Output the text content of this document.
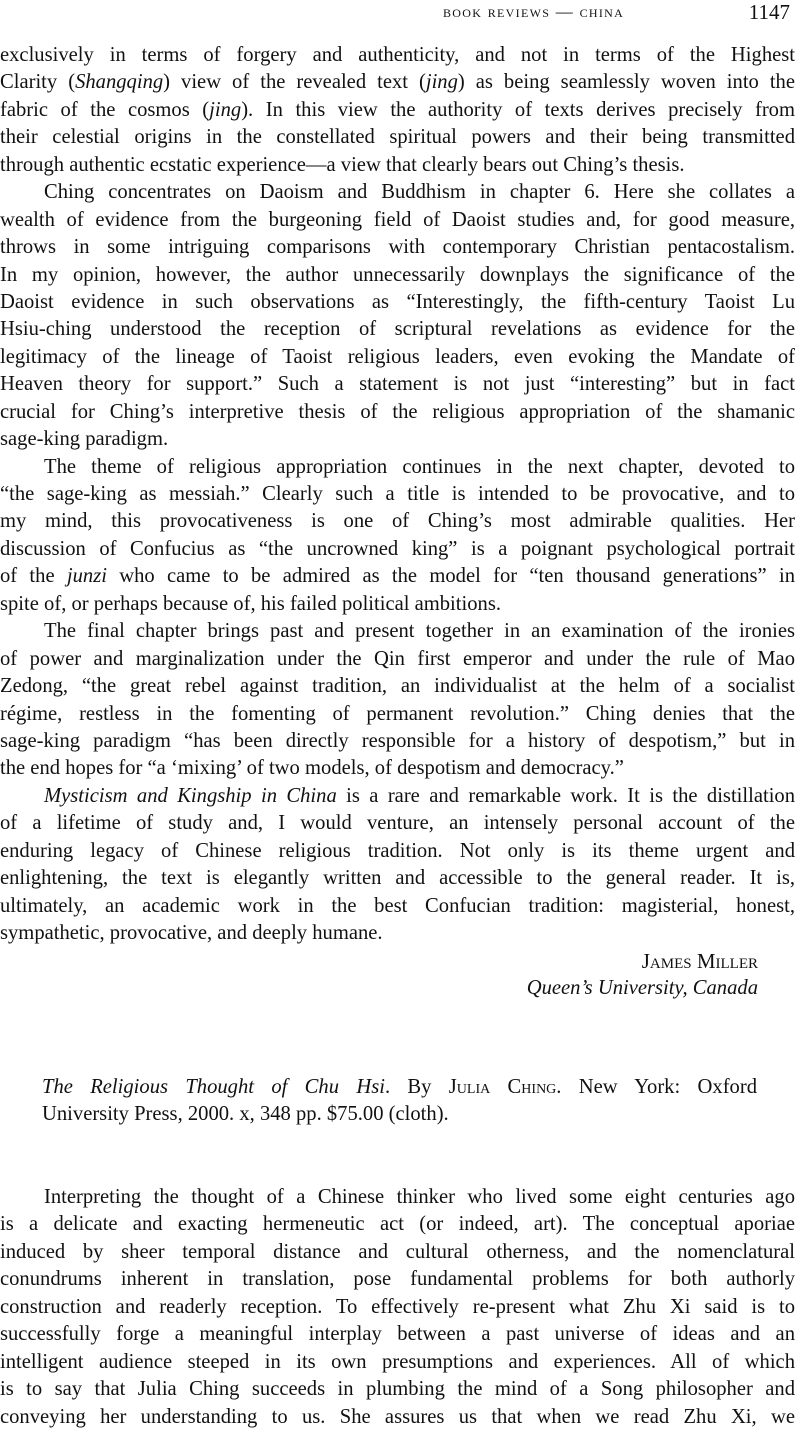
book reviews — china	1147
exclusively in terms of forgery and authenticity, and not in terms of the Highest
Clarity (Shangqing) view of the revealed text (jing) as being seamlessly woven into the
fabric of the cosmos (jing). In this view the authority of texts derives precisely from
their celestial origins in the constellated spiritual powers and their being transmitted
through authentic ecstatic experience—a view that clearly bears out Ching’s thesis.
Ching concentrates on Daoism and Buddhism in chapter 6. Here she collates a
wealth of evidence from the burgeoning field of Daoist studies and, for good measure,
throws in some intriguing comparisons with contemporary Christian pentacostalism.
In my opinion, however, the author unnecessarily downplays the significance of the
Daoist evidence in such observations as “Interestingly, the fifth-century Taoist Lu
Hsiu-ching understood the reception of scriptural revelations as evidence for the
legitimacy of the lineage of Taoist religious leaders, even evoking the Mandate of
Heaven theory for support.” Such a statement is not just “interesting” but in fact
crucial for Ching’s interpretive thesis of the religious appropriation of the shamanic
sage-king paradigm.
The theme of religious appropriation continues in the next chapter, devoted to
“the sage-king as messiah.” Clearly such a title is intended to be provocative, and to
my mind, this provocativeness is one of Ching’s most admirable qualities. Her
discussion of Confucius as “the uncrowned king” is a poignant psychological portrait
of the junzi who came to be admired as the model for “ten thousand generations” in
spite of, or perhaps because of, his failed political ambitions.
The final chapter brings past and present together in an examination of the ironies
of power and marginalization under the Qin first emperor and under the rule of Mao
Zedong, “the great rebel against tradition, an individualist at the helm of a socialist
régime, restless in the fomenting of permanent revolution.” Ching denies that the
sage-king paradigm “has been directly responsible for a history of despotism,” but in
the end hopes for “a ‘mixing’ of two models, of despotism and democracy.”
Mysticism and Kingship in China is a rare and remarkable work. It is the distillation
of a lifetime of study and, I would venture, an intensely personal account of the
enduring legacy of Chinese religious tradition. Not only is its theme urgent and
enlightening, the text is elegantly written and accessible to the general reader. It is,
ultimately, an academic work in the best Confucian tradition: magisterial, honest,
sympathetic, provocative, and deeply humane.
James Miller
Queen’s University, Canada
The Religious Thought of Chu Hsi. By Julia Ching. New York: Oxford
University Press, 2000. x, 348 pp. $75.00 (cloth).
Interpreting the thought of a Chinese thinker who lived some eight centuries ago
is a delicate and exacting hermeneutic act (or indeed, art). The conceptual aporiae
induced by sheer temporal distance and cultural otherness, and the nomenclatural
conundrums inherent in translation, pose fundamental problems for both authorly
construction and readerly reception. To effectively re-present what Zhu Xi said is to
successfully forge a meaningful interplay between a past universe of ideas and an
intelligent audience steeped in its own presumptions and experiences. All of which
is to say that Julia Ching succeeds in plumbing the mind of a Song philosopher and
conveying her understanding to us. She assures us that when we read Zhu Xi, we
